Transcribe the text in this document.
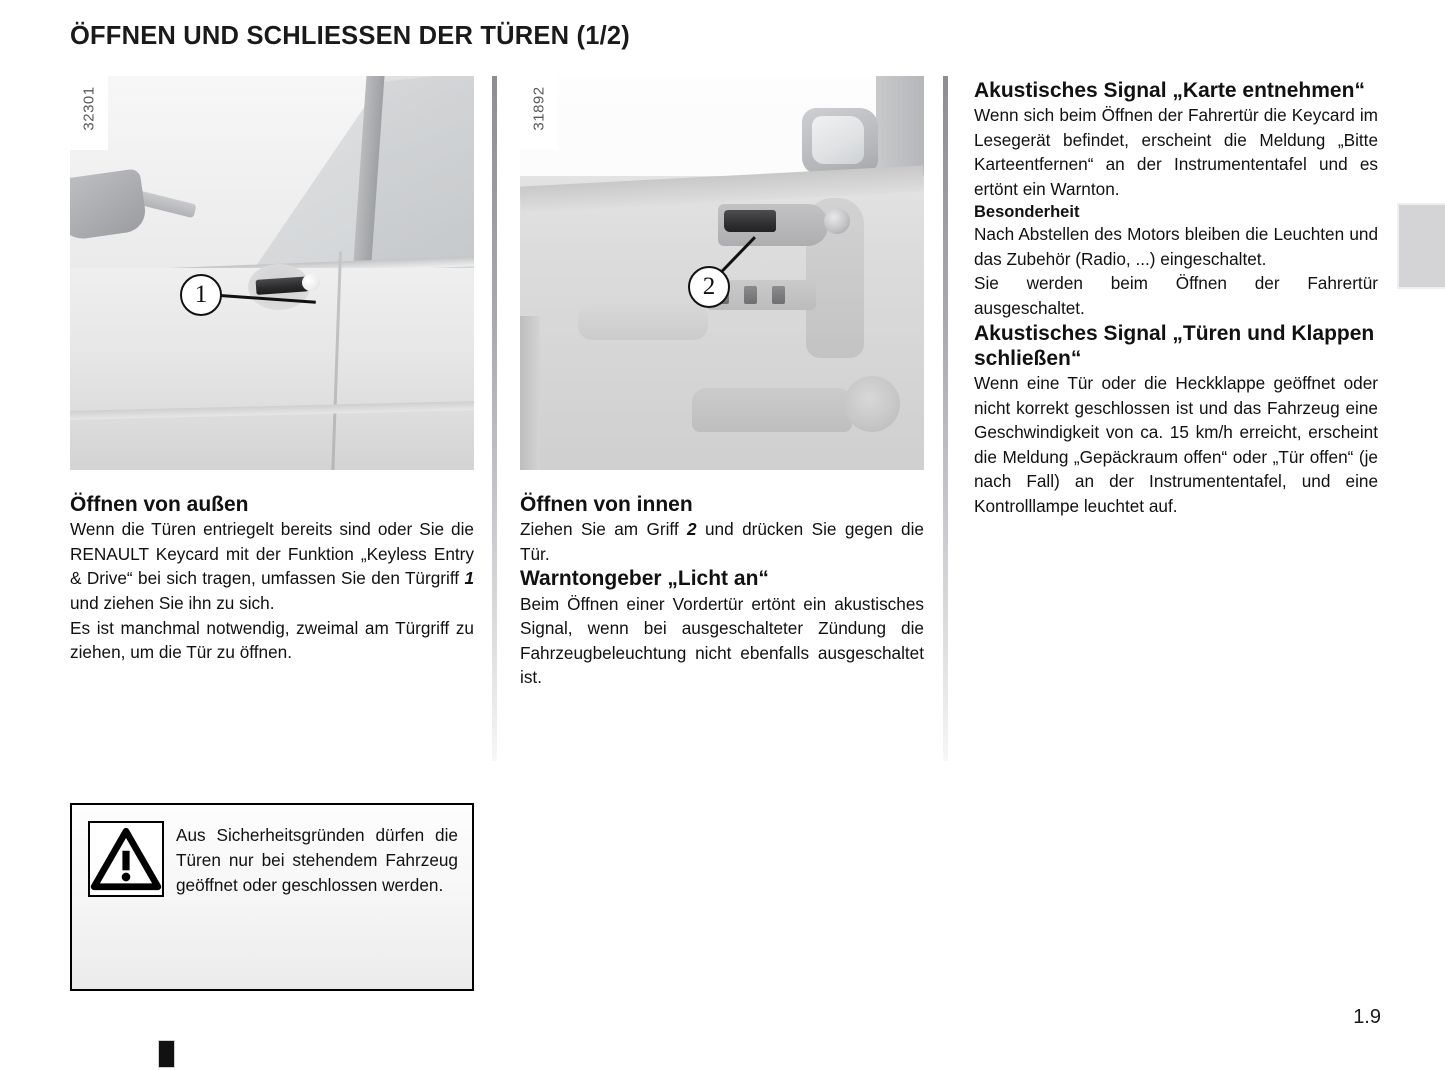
ÖFFNEN UND SCHLIESSEN DER TÜREN (1/2)
1
32301
Öffnen von außen

Wenn die Türen entriegelt bereits sind oder Sie die RENAULT Keycard mit der Funktion „Keyless Entry & Drive“ bei sich tragen, umfassen Sie den Türgriff 1 und ziehen Sie ihn zu sich.

Es ist manchmal notwendig, zweimal am Türgriff zu ziehen, um die Tür zu öffnen.

Aus Sicherheitsgründen dürfen die Türen nur bei stehendem Fahrzeug geöffnet oder geschlossen werden.
2
31892
Öffnen von innen

Ziehen Sie am Griff 2 und drücken Sie gegen die Tür.

Warntongeber „Licht an“

Beim Öffnen einer Vordertür ertönt ein akustisches Signal, wenn bei ausgeschalteter Zündung die Fahrzeugbeleuchtung nicht ebenfalls ausgeschaltet ist.

Akustisches Signal „Karte entnehmen“

Wenn sich beim Öffnen der Fahrertür die Keycard im Lesegerät befindet, erscheint die Meldung „Bitte Karteentfernen“ an der Instrumententafel und es ertönt ein Warnton.

Besonderheit

Nach Abstellen des Motors bleiben die Leuchten und das Zubehör (Radio, ...) eingeschaltet.

Sie werden beim Öffnen der Fahrertür ausgeschaltet.

Akustisches Signal „Türen und Klappen schließen“

Wenn eine Tür oder die Heckklappe geöffnet oder nicht korrekt geschlossen ist und das Fahrzeug eine Geschwindigkeit von ca. 15 km/h erreicht, erscheint die Meldung „Gepäckraum offen“ oder „Tür offen“ (je nach Fall) an der Instrumententafel, und eine Kontrolllampe leuchtet auf.

1.9
